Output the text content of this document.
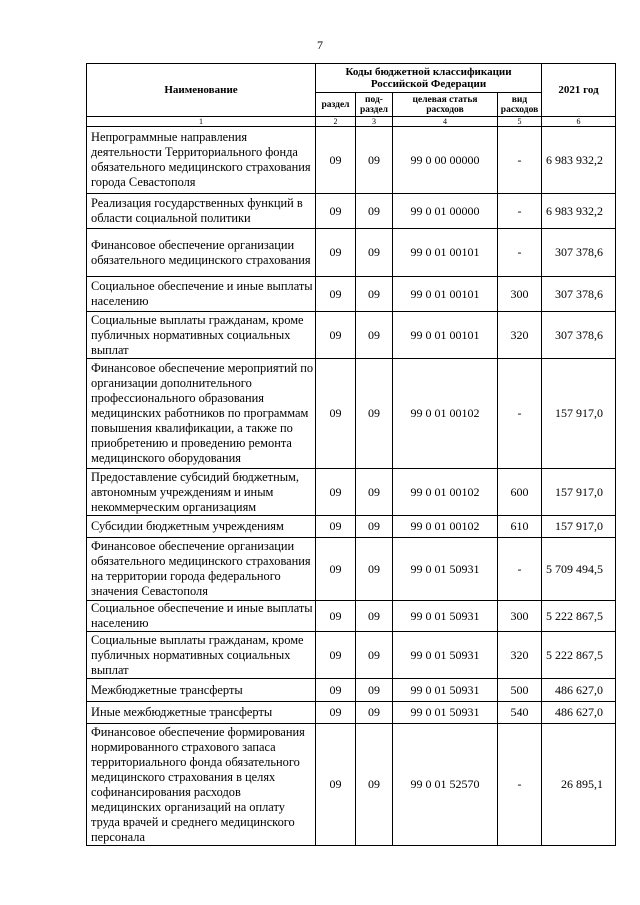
7
Наименование	Коды бюджетной классификации Российской Федерации				2021 год
	раздел	под-раздел	целевая статья расходов	вид расходов	
1	2	3	4	5	6
Непрограммные направления деятельности Территориального фонда обязательного медицинского страхования города Севастополя	09	09	99 0 00 00000	-	6 983 932,2
Реализация государственных функций в области социальной политики	09	09	99 0 01 00000	-	6 983 932,2
Финансовое обеспечение организации обязательного медицинского страхования	09	09	99 0 01 00101	-	307 378,6
Социальное обеспечение и иные выплаты населению	09	09	99 0 01 00101	300	307 378,6
Социальные выплаты гражданам, кроме публичных нормативных социальных выплат	09	09	99 0 01 00101	320	307 378,6
Финансовое обеспечение мероприятий по организации дополнительного профессионального образования медицинских работников по программам повышения квалификации, а также по приобретению и проведению ремонта медицинского оборудования	09	09	99 0 01 00102	-	157 917,0
Предоставление субсидий бюджетным, автономным учреждениям и иным некоммерческим организациям	09	09	99 0 01 00102	600	157 917,0
Субсидии бюджетным учреждениям	09	09	99 0 01 00102	610	157 917,0
Финансовое обеспечение организации обязательного медицинского страхования на территории города федерального значения Севастополя	09	09	99 0 01 50931	-	5 709 494,5
Социальное обеспечение и иные выплаты населению	09	09	99 0 01 50931	300	5 222 867,5
Социальные выплаты гражданам, кроме публичных нормативных социальных выплат	09	09	99 0 01 50931	320	5 222 867,5
Межбюджетные трансферты	09	09	99 0 01 50931	500	486 627,0
Иные межбюджетные трансферты	09	09	99 0 01 50931	540	486 627,0
Финансовое обеспечение формирования нормированного страхового запаса территориального фонда обязательного медицинского страхования в целях софинансирования расходов медицинских организаций на оплату труда врачей и среднего медицинского персонала	09	09	99 0 01 52570	-	26 895,1
